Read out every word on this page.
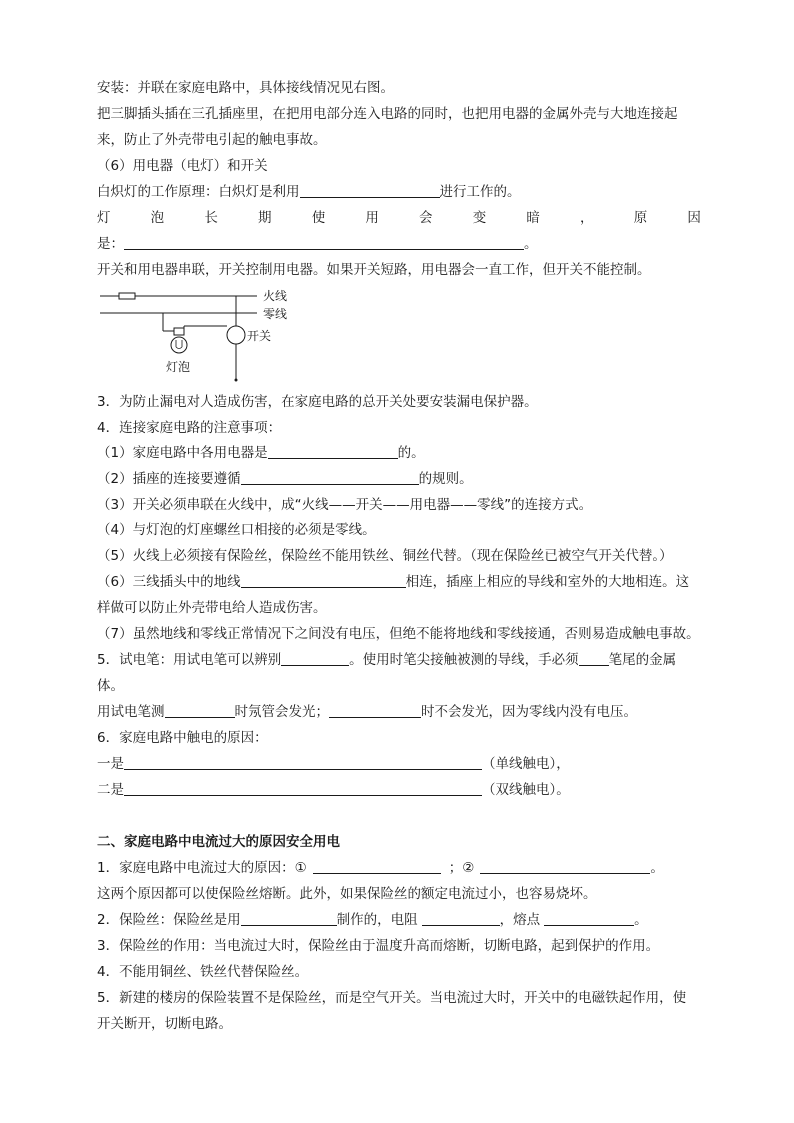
安装：并联在家庭电路中，具体接线情况见右图。
把三脚插头插在三孔插座里，在把用电部分连入电路的同时，也把用电器的金属外壳与大地连接起
来，防止了外壳带电引起的触电事故。
（6）用电器（电灯）和开关
白炽灯的工作原理：白炽灯是利用	进行工作的。
灯	泡	长	期	使	用	会	变	暗	，	原	因
是：	。
开关和用电器串联，开关控制用电器。如果开关短路，用电器会一直工作，但开关不能控制。
火线
零线
开关
灯泡
3．为防止漏电对人造成伤害，在家庭电路的总开关处要安装漏电保护器。
4．连接家庭电路的注意事项：
（1）家庭电路中各用电器是	的。
（2）插座的连接要遵循	的规则。
（3）开关必须串联在火线中，成“火线——开关——用电器——零线”的连接方式。
（4）与灯泡的灯座螺丝口相接的必须是零线。
（5）火线上必须接有保险丝，保险丝不能用铁丝、铜丝代替。（现在保险丝已被空气开关代替。）
（6）三线插头中的地线	相连，插座上相应的导线和室外的大地相连。这
样做可以防止外壳带电给人造成伤害。
（7）虽然地线和零线正常情况下之间没有电压，但绝不能将地线和零线接通，否则易造成触电事故。
5．试电笔：用试电笔可以辨别	。使用时笔尖接触被测的导线，手必须 笔尾的金属
体。
用试电笔测	时氖管会发光；	时不会发光，因为零线内没有电压。
6．家庭电路中触电的原因：
一是	（单线触电），
二是	（双线触电）。
二、家庭电路中电流过大的原因安全用电
1．家庭电路中电流过大的原因：①	；②	。
这两个原因都可以使保险丝熔断。此外，如果保险丝的额定电流过小，也容易烧坏。
2．保险丝：保险丝是用	制作的，电阻	，熔点	。
3．保险丝的作用：当电流过大时，保险丝由于温度升高而熔断，切断电路，起到保护的作用。
4．不能用铜丝、铁丝代替保险丝。
5．新建的楼房的保险装置不是保险丝，而是空气开关。当电流过大时，开关中的电磁铁起作用，使
开关断开，切断电路。
